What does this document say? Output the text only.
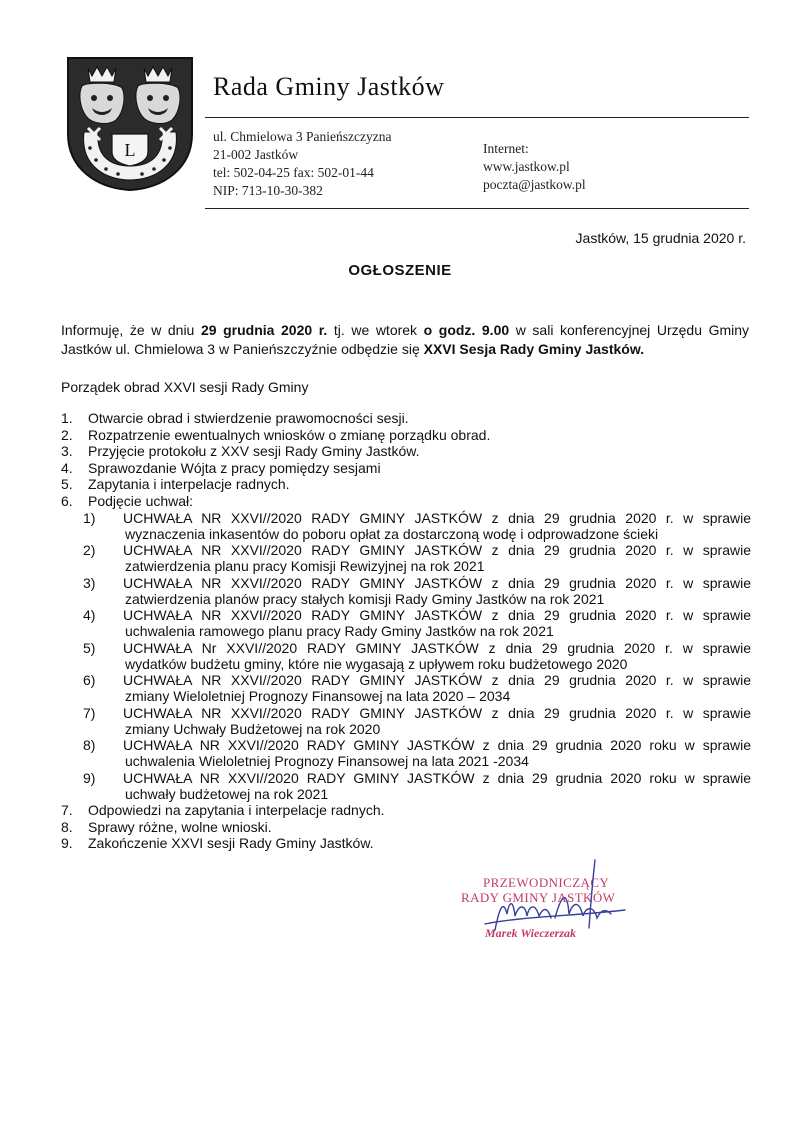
L
Rada Gminy Jastków
ul. Chmielowa 3 Panieńszczyzna
21-002 Jastków
tel: 502-04-25 fax: 502-01-44
NIP: 713-10-30-382
Internet:
www.jastkow.pl
poczta@jastkow.pl
Jastków, 15 grudnia 2020 r.
OGŁOSZENIE

Informuję, że w dniu 29 grudnia 2020 r. tj. we wtorek o godz. 9.00 w sali konferencyjnej Urzędu Gminy Jastków ul. Chmielowa 3 w Panieńszczyźnie odbędzie się XXVI Sesja Rady Gminy Jastków.

Porządek obrad XXVI sesji Rady Gminy
1. Otwarcie obrad i stwierdzenie prawomocności sesji.
2. Rozpatrzenie ewentualnych wniosków o zmianę porządku obrad.
3. Przyjęcie protokołu z XXV sesji Rady Gminy Jastków.
4. Sprawozdanie Wójta z pracy pomiędzy sesjami
5. Zapytania i interpelacje radnych.
6. Podjęcie uchwał:
1) UCHWAŁA NR XXVI//2020 RADY GMINY JASTKÓW z dnia 29 grudnia 2020 r. w sprawie
wyznaczenia inkasentów do poboru opłat za dostarczoną wodę i odprowadzone ścieki
2) UCHWAŁA NR XXVI//2020 RADY GMINY JASTKÓW z dnia 29 grudnia 2020 r. w sprawie
zatwierdzenia planu pracy Komisji Rewizyjnej na rok 2021
3) UCHWAŁA NR XXVI//2020 RADY GMINY JASTKÓW z dnia 29 grudnia 2020 r. w sprawie
zatwierdzenia planów pracy stałych komisji Rady Gminy Jastków na rok 2021
4) UCHWAŁA NR XXVI//2020 RADY GMINY JASTKÓW z dnia 29 grudnia 2020 r. w sprawie
uchwalenia ramowego planu pracy Rady Gminy Jastków na rok 2021
5) UCHWAŁA Nr XXVI//2020 RADY GMINY JASTKÓW z dnia 29 grudnia 2020 r. w sprawie
wydatków budżetu gminy, które nie wygasają z upływem roku budżetowego 2020
6) UCHWAŁA NR XXVI//2020 RADY GMINY JASTKÓW z dnia 29 grudnia 2020 r. w sprawie
zmiany Wieloletniej Prognozy Finansowej na lata 2020 – 2034
7) UCHWAŁA NR XXVI//2020 RADY GMINY JASTKÓW z dnia 29 grudnia 2020 r. w sprawie
zmiany Uchwały Budżetowej na rok 2020
8) UCHWAŁA NR XXVI//2020 RADY GMINY JASTKÓW z dnia 29 grudnia 2020 roku w sprawie
uchwalenia Wieloletniej Prognozy Finansowej na lata 2021 -2034
9) UCHWAŁA NR XXVI//2020 RADY GMINY JASTKÓW z dnia 29 grudnia 2020 roku w sprawie
uchwały budżetowej na rok 2021
7. Odpowiedzi na zapytania i interpelacje radnych.
8. Sprawy różne, wolne wnioski.
9. Zakończenie XXVI sesji Rady Gminy Jastków.
PRZEWODNICZĄCY
RADY GMINY JASTKÓW
Marek Wieczerzak
